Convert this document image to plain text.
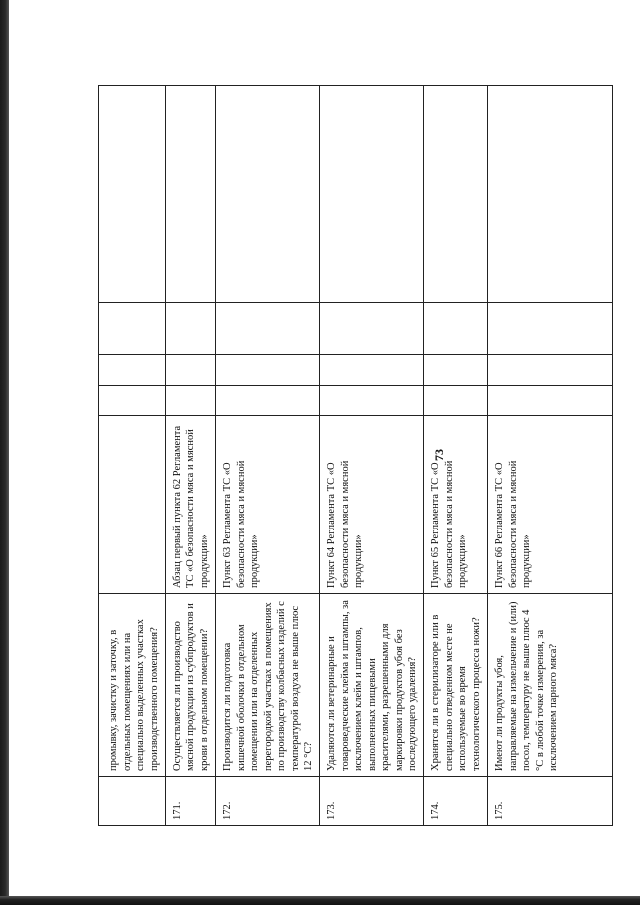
73
	промывку, зачистку и заточку, в отдельных помещениях или на специально выделенных участках производственного помещения?					
171.	Осуществляется ли производство мясной продукции из субпродуктов и крови в отдельном помещении?	Абзац первый пункта 62 Регламента ТС «О безопасности мяса и мясной продукции»				
172.	Производится ли подготовка кишечной оболочки в отдельном помещении или на отделенных перегородкой участках в помещениях по производству колбасных изделий с температурой воздуха не выше плюс 12 °С?	Пункт 63 Регламента ТС «О безопасности мяса и мясной продукции»				
173.	Удаляются ли ветеринарные и товароведческие клейма и штампы, за исключением клейм и штампов, выполненных пищевыми красителями, разрешенными для маркировки продуктов убоя без последующего удаления?	Пункт 64 Регламента ТС «О безопасности мяса и мясной продукции»				
174.	Хранятся ли в стерилизаторе или в специально отведенном месте не используемые во время технологического процесса ножи?	Пункт 65 Регламента ТС «О безопасности мяса и мясной продукции»				
175.	Имеют ли продукты убоя, направляемые на измельчение и (или) посол, температуру не выше плюс 4 °С в любой точке измерения, за исключением парного мяса?	Пункт 66 Регламента ТС «О безопасности мяса и мясной продукции»				
